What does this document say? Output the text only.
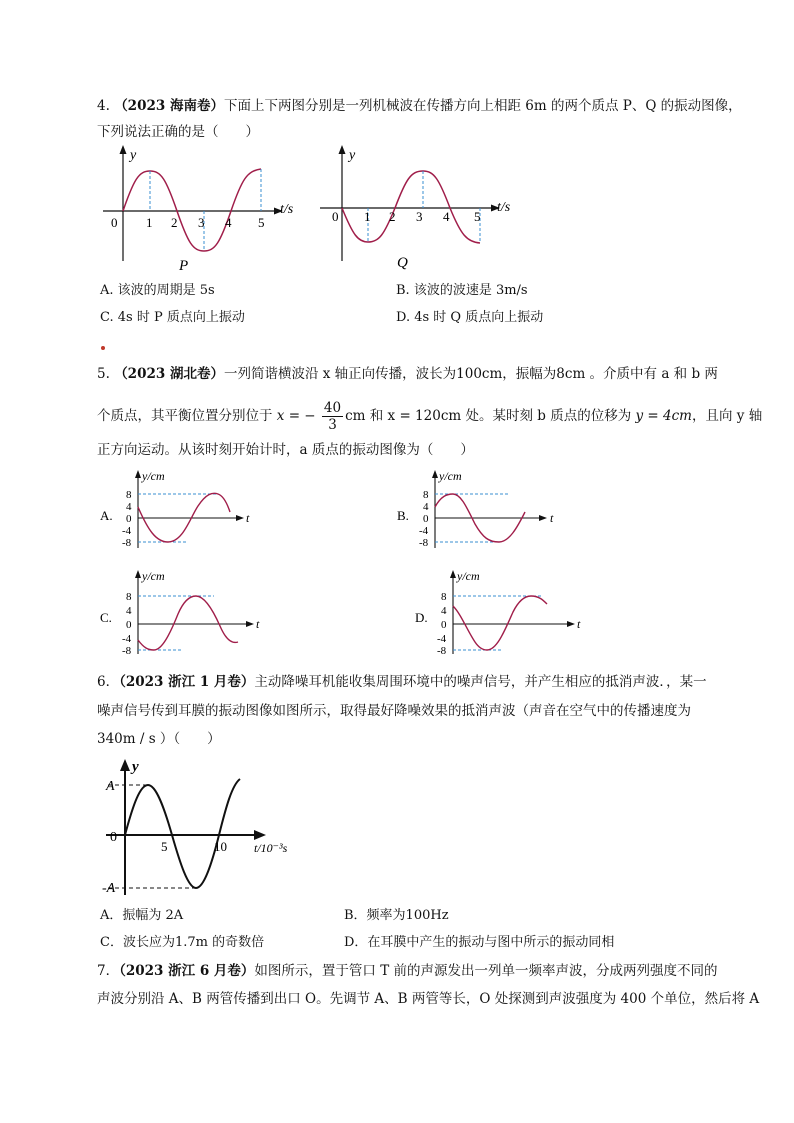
4. （2023 海南卷）下面上下两图分别是一列机械波在传播方向上相距 6m 的两个质点 P、Q 的振动图像，
下列说法正确的是（　　）
y
t/s
0 1 2 3 4 5
P
y
t/s
0 1 2 3 4 5
Q
A. 该波的周期是 5s	B. 该波的波速是 3m/s
C. 4s 时 P 质点向上振动	D. 4s 时 Q 质点向上振动
5. （2023 湖北卷）一列简谐横波沿 x 轴正向传播，波长为100cm，振幅为8cm 。介质中有 a 和 b 两
个质点，其平衡位置分别位于 x = − $\frac{40}{3}$ cm 和 x = 120cm 处。某时刻 b 质点的位移为 y = 4cm，且向 y 轴
正方向运动。从该时刻开始计时，a 质点的振动图像为（　　）
A.
y/cm
t
8
4
0
-4
-8
B.
y/cm
t
8
4
0
-4
-8
C.
y/cm
t
8
4
0
-4
-8
D.
y/cm
t
8
4
0
-4
-8
6．（2023 浙江 1 月卷）主动降噪耳机能收集周围环境中的噪声信号，并产生相应的抵消声波．，某一
噪声信号传到耳膜的振动图像如图所示，取得最好降噪效果的抵消声波（声音在空气中的传播速度为
340m / s ）（　　）
y
A
-A
0
5	10 t/10⁻³s
A．振幅为 2A	B．频率为100Hz
C．波长应为1.7m 的奇数倍	D．在耳膜中产生的振动与图中所示的振动同相
7．（2023 浙江 6 月卷）如图所示，置于管口 T 前的声源发出一列单一频率声波，分成两列强度不同的
声波分别沿 A、B 两管传播到出口 O。先调节 A、B 两管等长，O 处探测到声波强度为 400 个单位，然后将 A
